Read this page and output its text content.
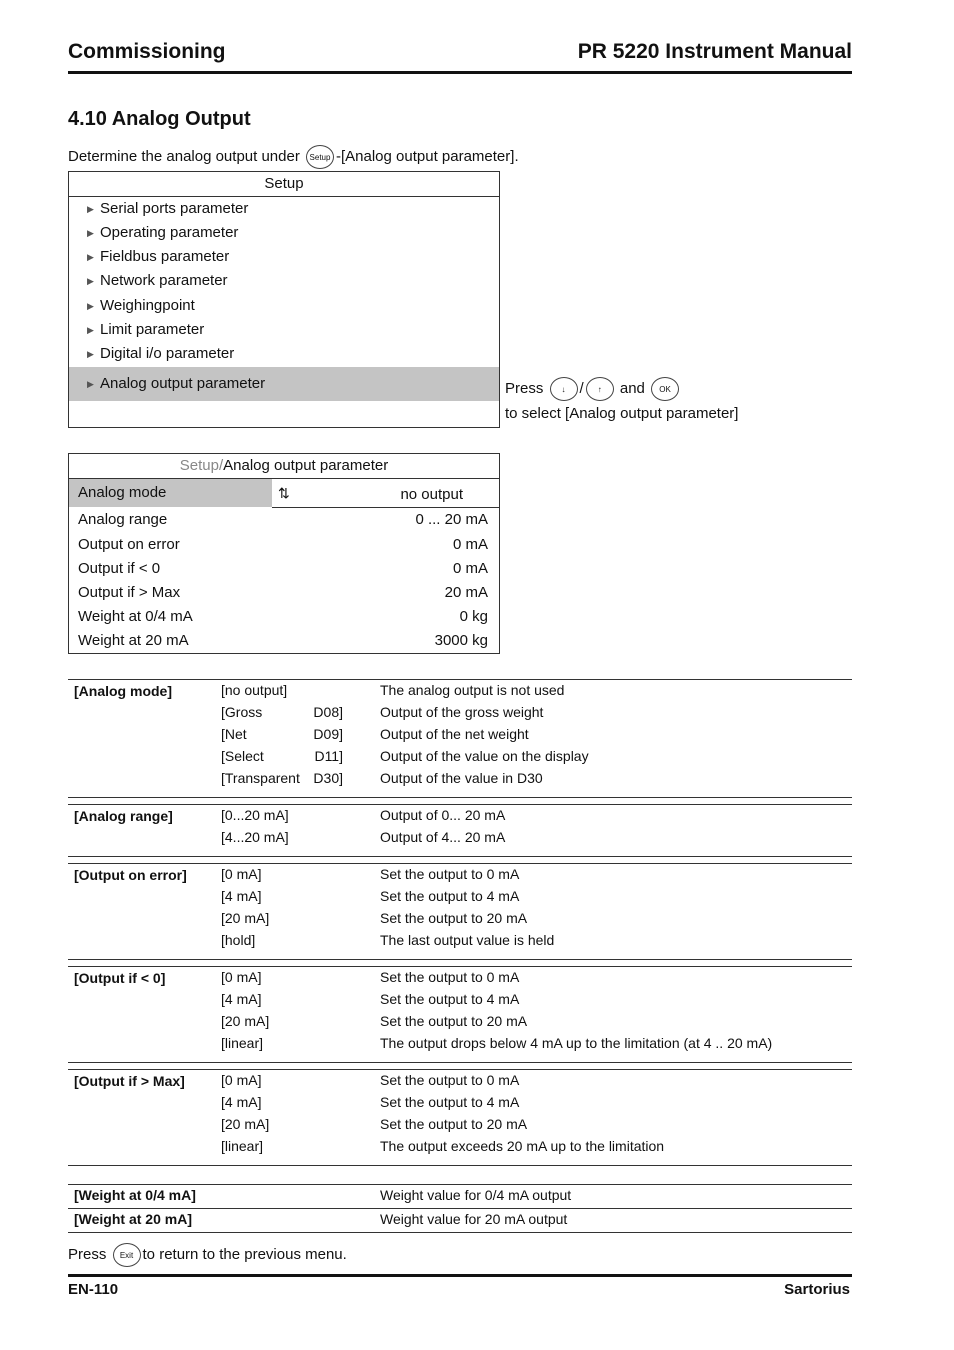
Commissioning	PR 5220 Instrument Manual
4.10 Analog Output
Determine the analog output under Setup -[Analog output parameter].
Setup
▶ Serial ports parameter
▶ Operating parameter
▶ Fieldbus parameter
▶ Network parameter
▶ Weighingpoint
▶ Limit parameter
▶ Digital i/o parameter
▶ Analog output parameter	Press ↓ / ↑ and OK
to select [Analog output parameter]
Setup/Analog output parameter
Analog mode	⇅	no output
Analog range	0 ... 20 mA
Output on error	0 mA
Output if < 0	0 mA
Output if > Max	20 mA
Weight at 0/4 mA	0 kg
Weight at 20 mA	3000 kg
[Analog mode]	[no output]	The analog output is not used
[Gross	D08]	Output of the gross weight
[Net	D09]	Output of the net weight
[Select	D11]	Output of the value on the display
[Transparent D30]	Output of the value in D30
[Analog range]	[0...20 mA]	Output of 0... 20 mA
[4...20 mA]	Output of 4... 20 mA
[Output on error] [0 mA]	Set the output to 0 mA
[4 mA]	Set the output to 4 mA
[20 mA]	Set the output to 20 mA
[hold]	The last output value is held
[Output if < 0]	[0 mA]	Set the output to 0 mA
[4 mA]	Set the output to 4 mA
[20 mA]	Set the output to 20 mA
[linear]	The output drops below 4 mA up to the limitation (at 4 .. 20 mA)
[Output if > Max]	[0 mA]	Set the output to 0 mA
[4 mA]	Set the output to 4 mA
[20 mA]	Set the output to 20 mA
[linear]	The output exceeds 20 mA up to the limitation
[Weight at 0/4 mA]	Weight value for 0/4 mA output
[Weight at 20 mA]	Weight value for 20 mA output
Press Exit to return to the previous menu.
EN-110	Sartorius
